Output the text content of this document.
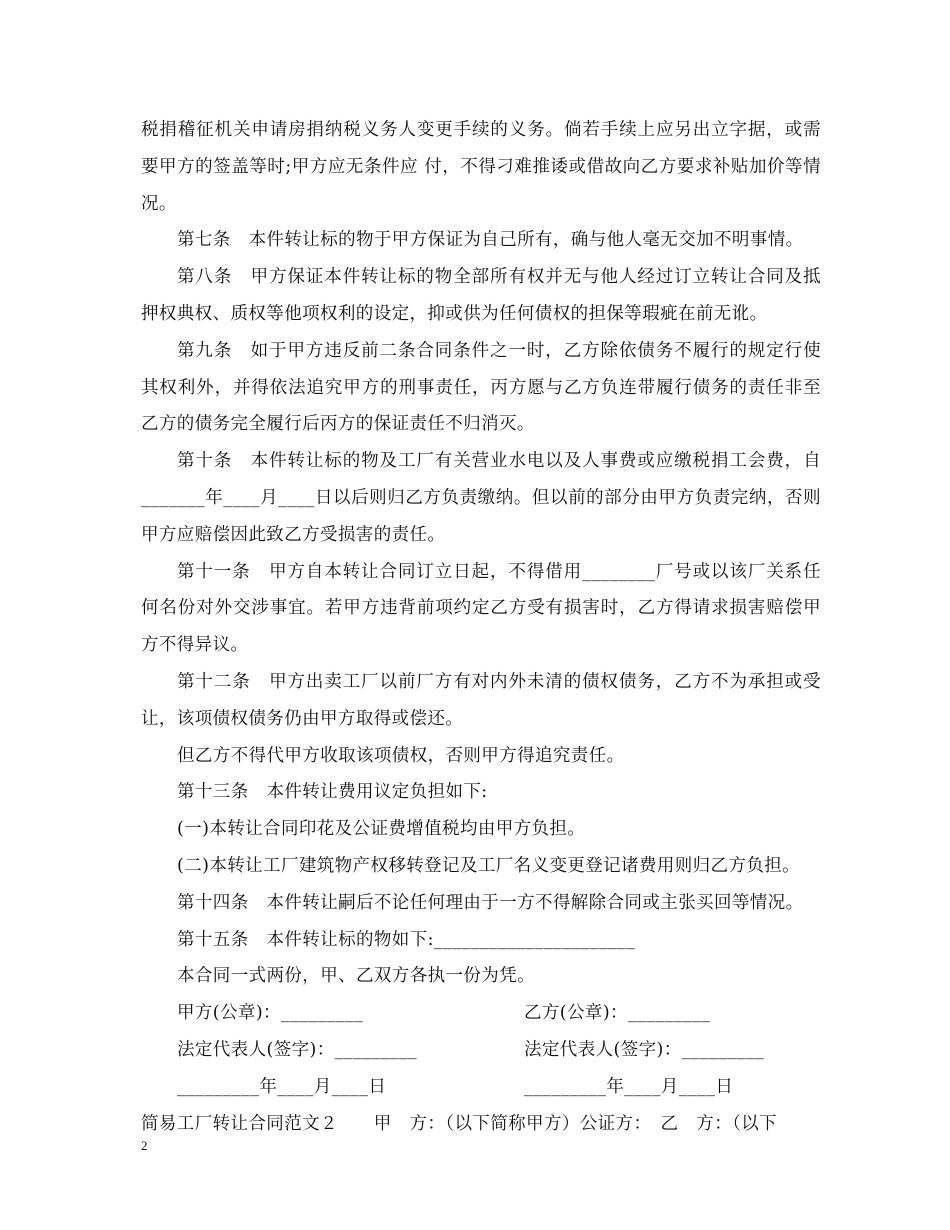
税捐稽征机关申请房捐纳税义务人变更手续的义务。倘若手续上应另出立字据，或需要甲方的签盖等时;甲方应无条件应 付，不得刁难推诿或借故向乙方要求补贴加价等情况。

第七条　本件转让标的物于甲方保证为自己所有，确与他人毫无交加不明事情。

第八条　甲方保证本件转让标的物全部所有权并无与他人经过订立转让合同及抵押权典权、质权等他项权利的设定，抑或供为任何债权的担保等瑕疵在前无讹。

第九条　如于甲方违反前二条合同条件之一时，乙方除依债务不履行的规定行使其权利外，并得依法追究甲方的刑事责任，丙方愿与乙方负连带履行债务的责任非至乙方的债务完全履行后丙方的保证责任不归消灭。

第十条　本件转让标的物及工厂有关营业水电以及人事费或应缴税捐工会费，自_______年____月____日以后则归乙方负责缴纳。但以前的部分由甲方负责完纳，否则甲方应赔偿因此致乙方受损害的责任。

第十一条　甲方自本转让合同订立日起，不得借用________厂号或以该厂关系任何名份对外交涉事宜。若甲方违背前项约定乙方受有损害时，乙方得请求损害赔偿甲方不得异议。

第十二条　甲方出卖工厂以前厂方有对内外未清的债权债务，乙方不为承担或受让，该项债权债务仍由甲方取得或偿还。

但乙方不得代甲方收取该项债权，否则甲方得追究责任。

第十三条　本件转让费用议定负担如下:

(一)本转让合同印花及公证费增值税均由甲方负担。

(二)本转让工厂建筑物产权移转登记及工厂名义变更登记诸费用则归乙方负担。

第十四条　本件转让嗣后不论任何理由于一方不得解除合同或主张买回等情况。

第十五条　本件转让标的物如下:______________________

本合同一式两份，甲、乙双方各执一份为凭。

甲方(公章)：_________	乙方(公章)：_________
法定代表人(签字)：_________	法定代表人(签字)：_________
_________年____月____日	_________年____月____日

简易工厂转让合同范文２　　甲　方：（以下简称甲方）公证方：　乙　方：（以下

2
